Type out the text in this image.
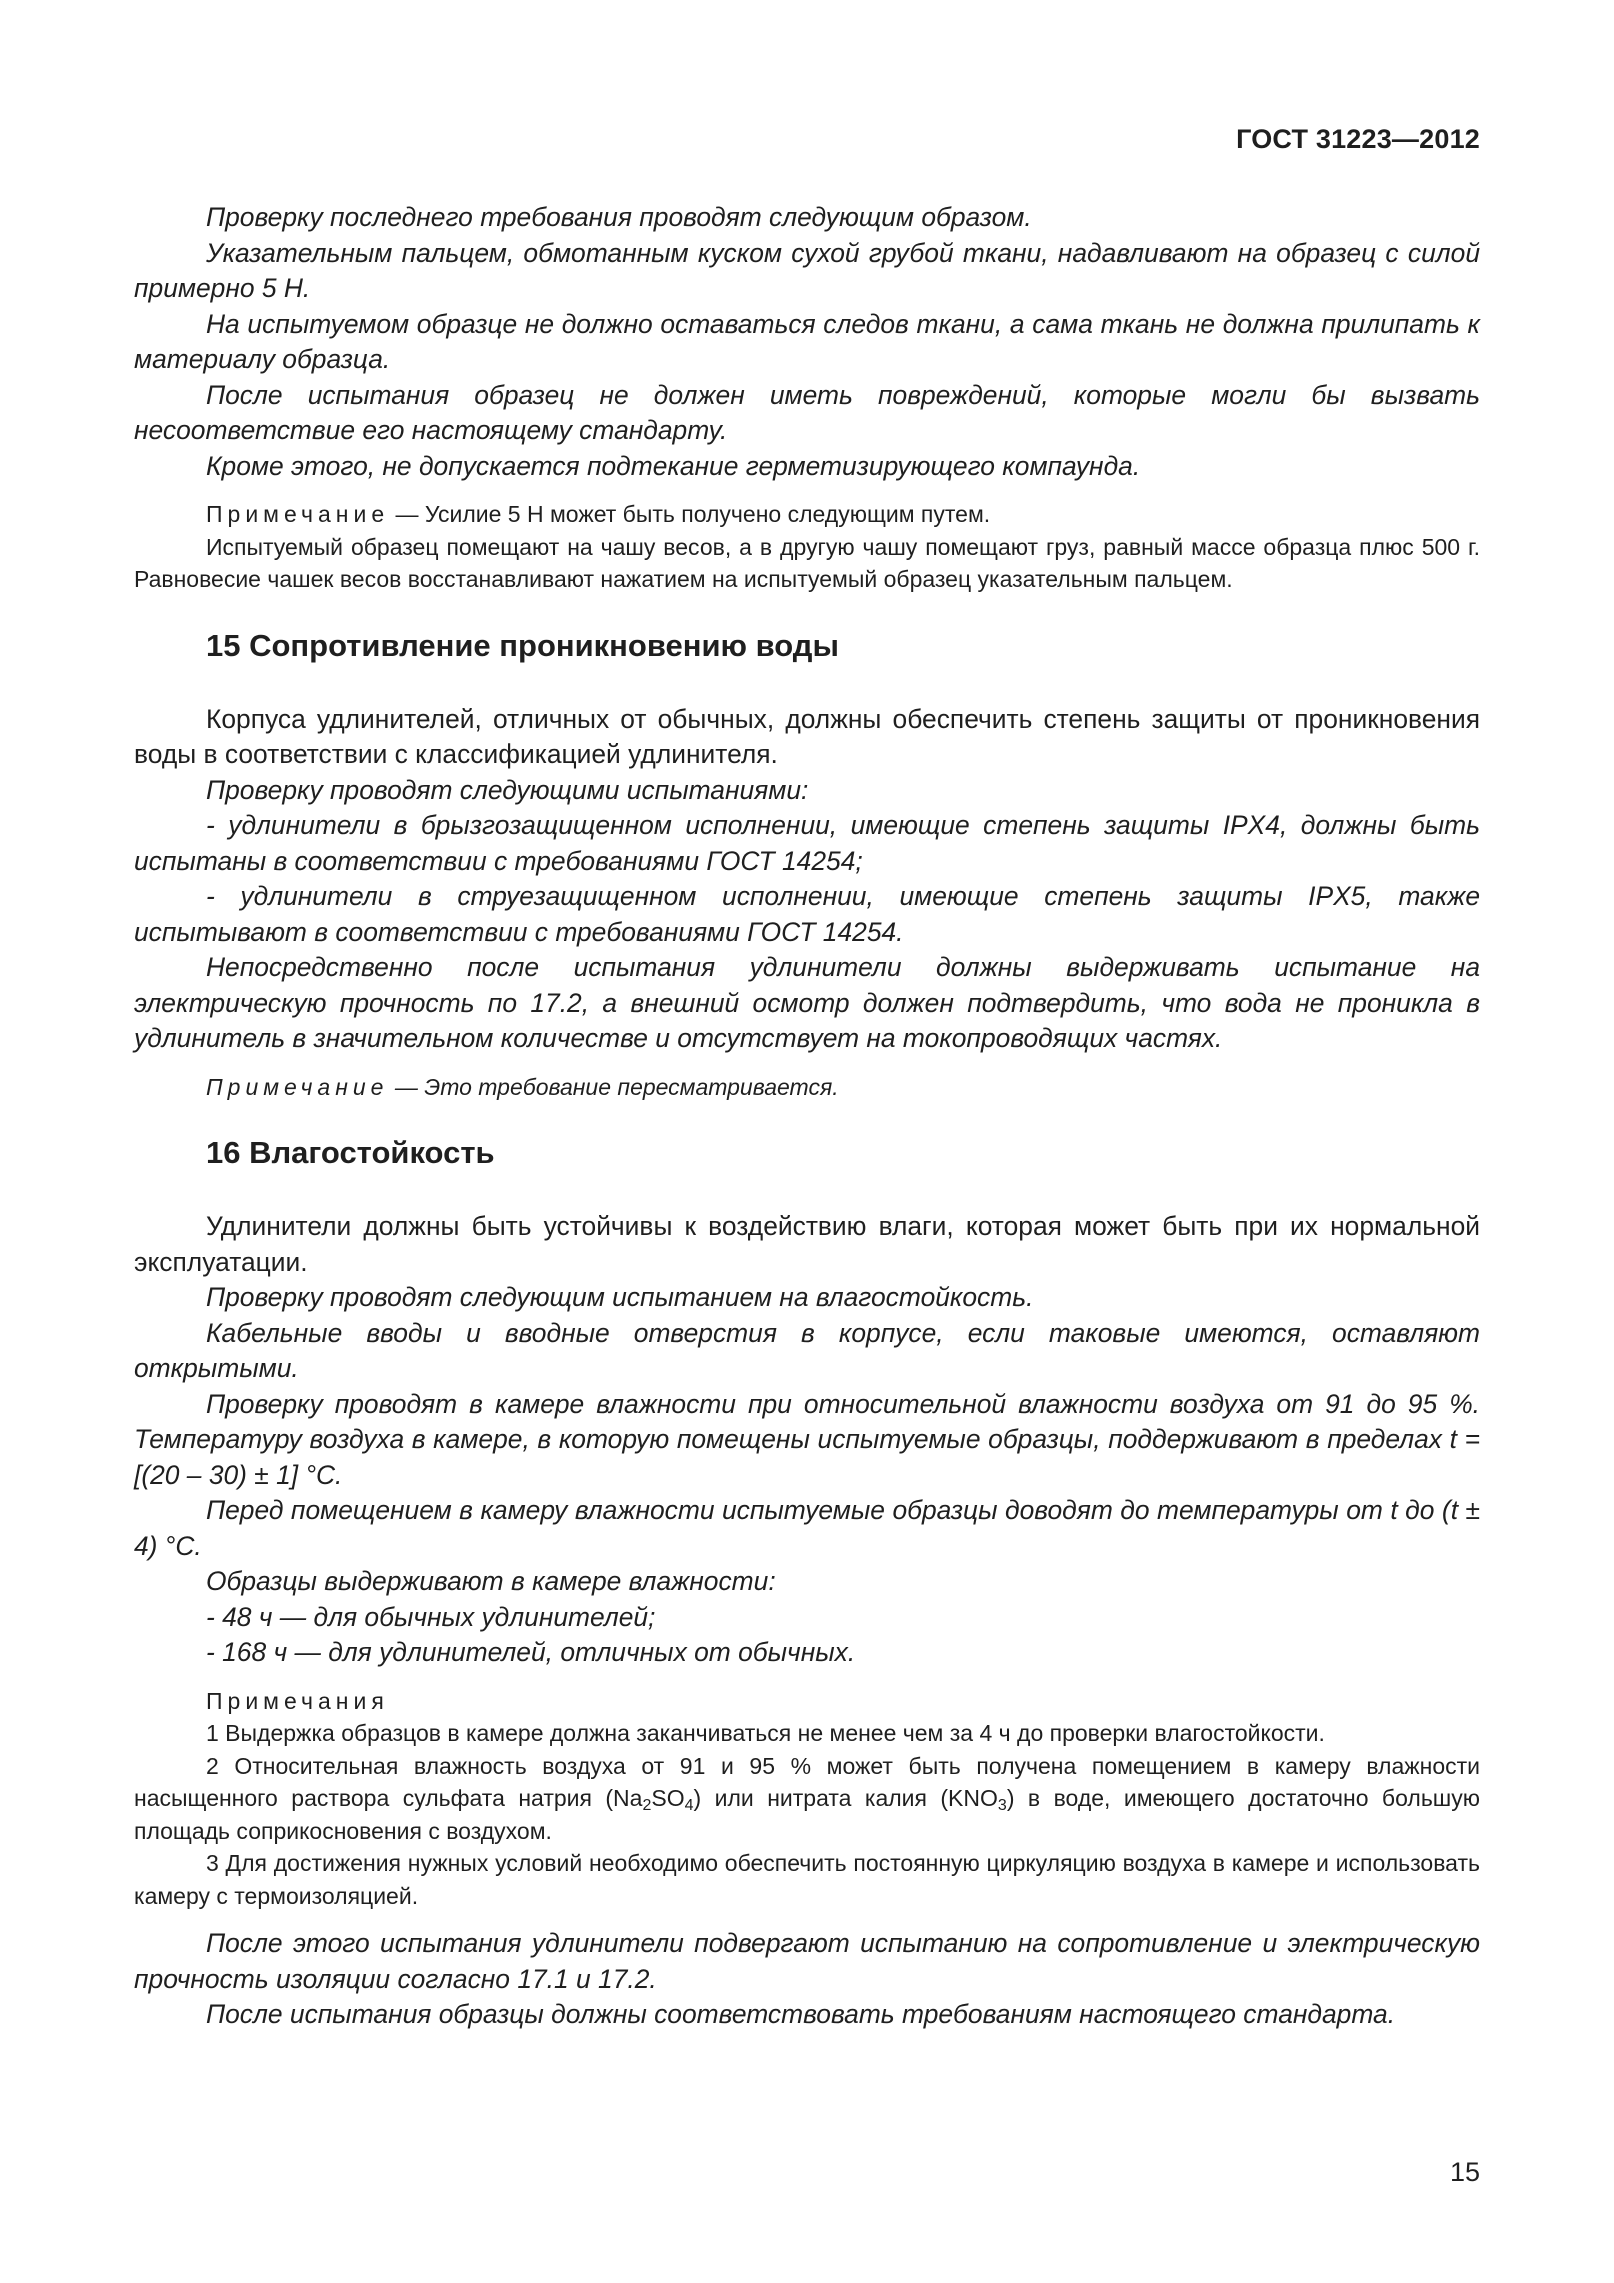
ГОСТ 31223—2012

Проверку последнего требования проводят следующим образом.

Указательным пальцем, обмотанным куском сухой грубой ткани, надавливают на образец с силой примерно 5 Н.

На испытуемом образце не должно оставаться следов ткани, а сама ткань не должна прилипать к материалу образца.

После испытания образец не должен иметь повреждений, которые могли бы вызвать несоответствие его настоящему стандарту.

Кроме этого, не допускается подтекание герметизирующего компаунда.

Примечание — Усилие 5 Н может быть получено следующим путем.

Испытуемый образец помещают на чашу весов, а в другую чашу помещают груз, равный массе образца плюс 500 г. Равновесие чашек весов восстанавливают нажатием на испытуемый образец указательным пальцем.

15 Сопротивление проникновению воды

Корпуса удлинителей, отличных от обычных, должны обеспечить степень защиты от проникновения воды в соответствии с классификацией удлинителя.

Проверку проводят следующими испытаниями:

- удлинители в брызгозащищенном исполнении, имеющие степень защиты IPX4, должны быть испытаны в соответствии с требованиями ГОСТ 14254;

- удлинители в струезащищенном исполнении, имеющие степень защиты IPX5, также испытывают в соответствии с требованиями ГОСТ 14254.

Непосредственно после испытания удлинители должны выдерживать испытание на электрическую прочность по 17.2, а внешний осмотр должен подтвердить, что вода не проникла в удлинитель в значительном количестве и отсутствует на токопроводящих частях.

Примечание — Это требование пересматривается.

16 Влагостойкость

Удлинители должны быть устойчивы к воздействию влаги, которая может быть при их нормальной эксплуатации.

Проверку проводят следующим испытанием на влагостойкость.

Кабельные вводы и вводные отверстия в корпусе, если таковые имеются, оставляют открытыми.

Проверку проводят в камере влажности при относительной влажности воздуха от 91 до 95 %. Температуру воздуха в камере, в которую помещены испытуемые образцы, поддерживают в пределах t = [(20 – 30) ± 1] °С.

Перед помещением в камеру влажности испытуемые образцы доводят до температуры от t до (t ± 4) °С.

Образцы выдерживают в камере влажности:

- 48 ч — для обычных удлинителей;

- 168 ч — для удлинителей, отличных от обычных.

Примечания

1 Выдержка образцов в камере должна заканчиваться не менее чем за 4 ч до проверки влагостойкости.

2 Относительная влажность воздуха от 91 и 95 % может быть получена помещением в камеру влажности насыщенного раствора сульфата натрия $(Na_2SO_4)$ или нитрата калия $(KNO_3)$ в воде, имеющего достаточно большую площадь соприкосновения с воздухом.

3 Для достижения нужных условий необходимо обеспечить постоянную циркуляцию воздуха в камере и использовать камеру с термоизоляцией.

После этого испытания удлинители подвергают испытанию на сопротивление и электрическую прочность изоляции согласно 17.1 и 17.2.

После испытания образцы должны соответствовать требованиям настоящего стандарта.

15
